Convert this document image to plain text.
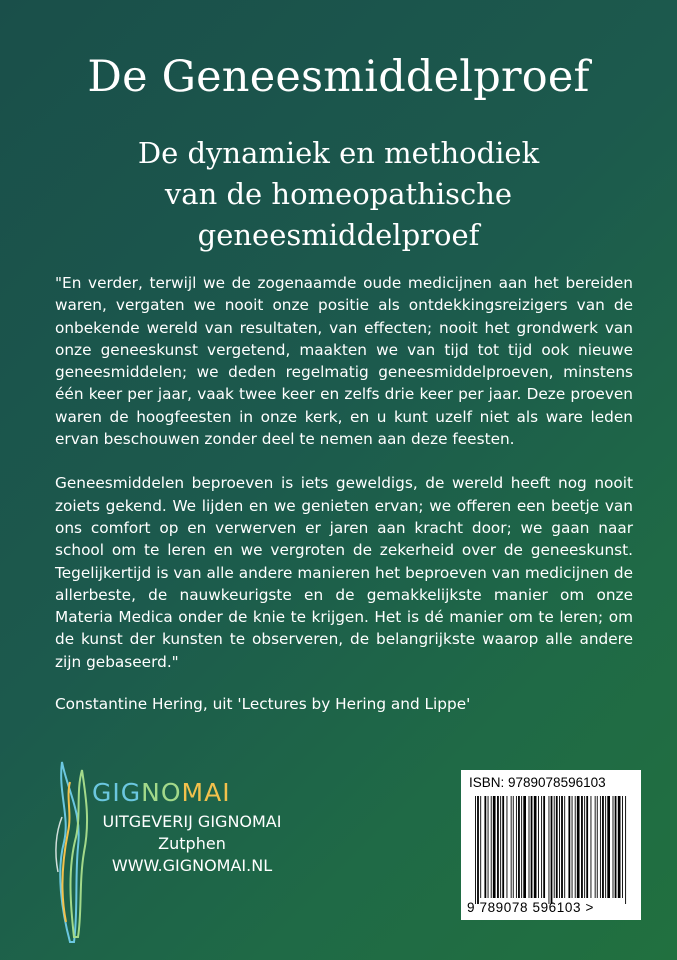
De Geneesmiddelproef
De dynamiek en methodiek
van de homeopathische
geneesmiddelproef

"En verder, terwijl we de zogenaamde oude medicijnen aan het bereiden waren, vergaten we nooit onze positie als ontdekkingsreizigers van de onbekende wereld van resultaten, van effecten; nooit het grondwerk van onze geneeskunst vergetend, maakten we van tijd tot tijd ook nieuwe geneesmiddelen; we deden regelmatig geneesmiddelproeven, minstens één keer per jaar, vaak twee keer en zelfs drie keer per jaar. Deze proeven waren de hoogfeesten in onze kerk, en u kunt uzelf niet als ware leden ervan beschouwen zonder deel te nemen aan deze feesten.

Geneesmiddelen beproeven is iets geweldigs, de wereld heeft nog nooit zoiets gekend. We lijden en we genieten ervan; we offeren een beetje van ons comfort op en verwerven er jaren aan kracht door; we gaan naar school om te leren en we vergroten de zekerheid over de geneeskunst. Tegelijkertijd is van alle andere manieren het beproeven van medicijnen de allerbeste, de nauwkeurigste en de gemakkelijkste manier om onze Materia Medica onder de knie te krijgen. Het is dé manier om te leren; om de kunst der kunsten te observeren, de belangrijkste waarop alle andere zijn gebaseerd."

Constantine Hering, uit 'Lectures by Hering and Lippe'

GIGNOMAI
UITGEVERIJ GIGNOMAI
Zutphen
WWW.GIGNOMAI.NL
ISBN: 9789078596103
9 789078 596103 >
